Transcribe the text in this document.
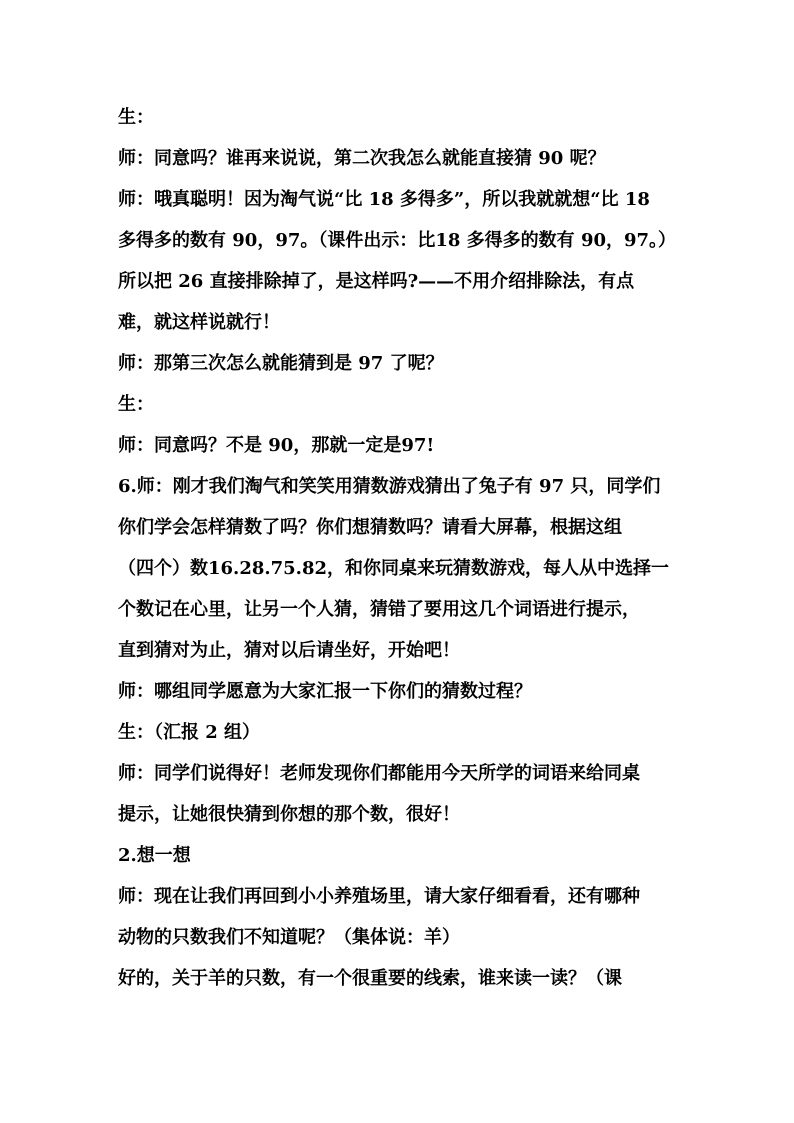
生：
师：同意吗？谁再来说说，第二次我怎么就能直接猜 90 呢？
师：哦真聪明！因为淘气说“比 18 多得多”，所以我就就想“比 18
多得多的数有 90，97。（课件出示：比18 多得多的数有 90，97。）
所以把 26 直接排除掉了，是这样吗?——不用介绍排除法，有点
难，就这样说就行！
师：那第三次怎么就能猜到是 97 了呢？
生：
师：同意吗？不是 90，那就一定是97!
6.师：刚才我们淘气和笑笑用猜数游戏猜出了兔子有 97 只，同学们
你们学会怎样猜数了吗？你们想猜数吗？请看大屏幕，根据这组
（四个）数16.28.75.82，和你同桌来玩猜数游戏，每人从中选择一
个数记在心里，让另一个人猜，猜错了要用这几个词语进行提示，
直到猜对为止，猜对以后请坐好，开始吧！
师：哪组同学愿意为大家汇报一下你们的猜数过程？
生：（汇报 2 组）
师：同学们说得好！老师发现你们都能用今天所学的词语来给同桌
提示，让她很快猜到你想的那个数，很好！
2.想一想
师：现在让我们再回到小小养殖场里，请大家仔细看看，还有哪种
动物的只数我们不知道呢？（集体说：羊）
好的，关于羊的只数，有一个很重要的线索，谁来读一读？（课
